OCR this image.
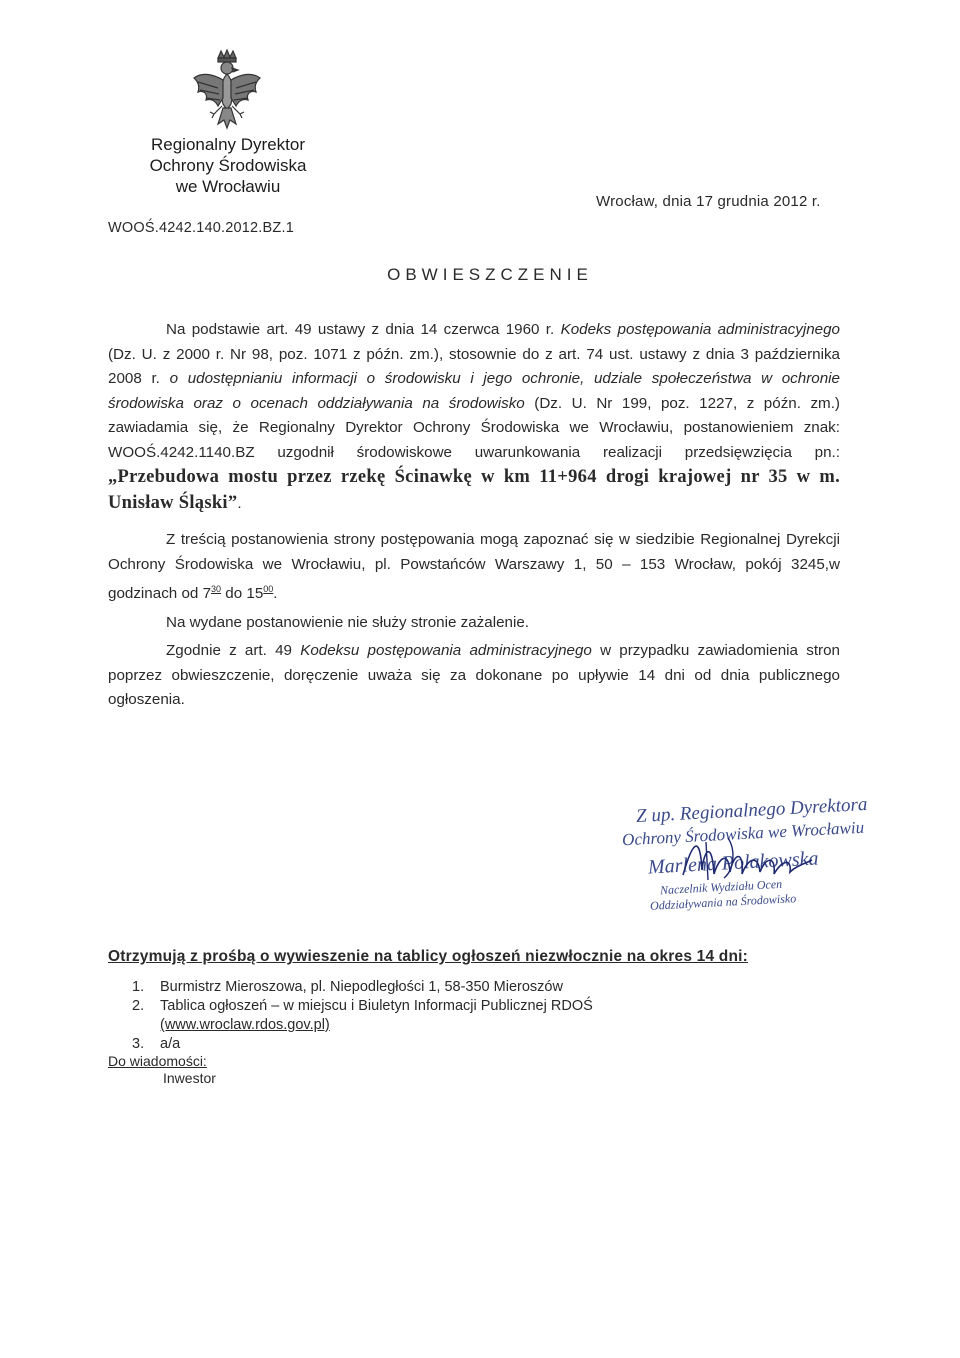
Regionalny Dyrektor
Ochrony Środowiska
we Wrocławiu
Wrocław, dnia 17 grudnia 2012 r.
WOOŚ.4242.140.2012.BZ.1
OBWIESZCZENIE

Na podstawie art. 49 ustawy z dnia 14 czerwca 1960 r. Kodeks postępowania administracyjnego (Dz. U. z 2000 r. Nr 98, poz. 1071 z późn. zm.), stosownie do z art. 74 ust. ustawy z dnia 3 października 2008 r. o udostępnianiu informacji o środowisku i jego ochronie, udziale społeczeństwa w ochronie środowiska oraz o ocenach oddziaływania na środowisko (Dz. U. Nr 199, poz. 1227, z późn. zm.) zawiadamia się, że Regionalny Dyrektor Ochrony Środowiska we Wrocławiu, postanowieniem znak: WOOŚ.4242.1140.BZ uzgodnił środowiskowe uwarunkowania realizacji przedsięwzięcia pn.: „Przebudowa mostu przez rzekę Ścinawkę w km 11+964 drogi krajowej nr 35 w m. Unisław Śląski”.

Z treścią postanowienia strony postępowania mogą zapoznać się w siedzibie Regionalnej Dyrekcji Ochrony Środowiska we Wrocławiu, pl. Powstańców Warszawy 1, 50 – 153 Wrocław, pokój 3245,w godzinach od $7^{30}$ do $15^{00}$.

Na wydane postanowienie nie służy stronie zażalenie.

Zgodnie z art. 49 Kodeksu postępowania administracyjnego w przypadku zawiadomienia stron poprzez obwieszczenie, doręczenie uważa się za dokonane po upływie 14 dni od dnia publicznego ogłoszenia.

Z up. Regionalnego Dyrektora
Ochrony Środowiska we Wrocławiu
Marlena Polakowska
Naczelnik Wydziału Ocen
Oddziaływania na Środowisko
Otrzymują z prośbą o wywieszenie na tablicy ogłoszeń niezwłocznie na okres 14 dni:
1.	Burmistrz Mieroszowa, pl. Niepodległości 1, 58-350 Mieroszów
2.	Tablica ogłoszeń – w miejscu i Biuletyn Informacji Publicznej RDOŚ
(www.wroclaw.rdos.gov.pl)
3.	a/a
Do wiadomości:
Inwestor
